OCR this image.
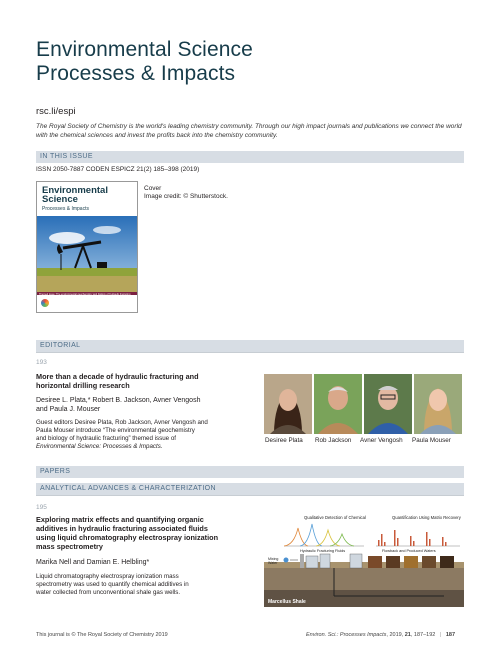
Environmental Science
Processes & Impacts
rsc.li/espi
The Royal Society of Chemistry is the world's leading chemistry community. Through our high impact journals and publications we connect the world with the chemical sciences and invest the profits back into the chemistry community.
IN THIS ISSUE
ISSN 2050-7887 CODEN ESPICZ 21(2) 185–398 (2019)
Environmental
Science
Processes & Impacts
Cover
Image credit: © Shutterstock.
EDITORIAL
193
More than a decade of hydraulic fracturing and
horizontal drilling research
Desiree L. Plata,* Robert B. Jackson, Avner Vengosh
and Paula J. Mouser
Guest editors Desiree Plata, Rob Jackson, Avner Vengosh and
Paula Mouser introduce “The environmental geochemistry
and biology of hydraulic fracturing” themed issue of
Environmental Science: Processes & Impacts.
Desiree Plata Rob Jackson Avner Vengosh Paula Mouser
PAPERS
ANALYTICAL ADVANCES & CHARACTERIZATION
195
Exploring matrix effects and quantifying organic
additives in hydraulic fracturing associated fluids
using liquid chromatography electrospray ionization
mass spectrometry
Marika Nell and Damian E. Helbling*
Liquid chromatography electrospray ionization mass
spectrometry was used to quantify chemical additives in
water collected from unconventional shale gas wells.
Qualitative Detection of Chemical	Quantification Using Matrix Recovery
Hydraulic Fracturing Fluids	Flowback and Produced Waters
Marcellus Shale
Mixing
Water
This journal is © The Royal Society of Chemistry 2019	Environ. Sci.: Processes Impacts, 2019, 21, 187–192 | 187
